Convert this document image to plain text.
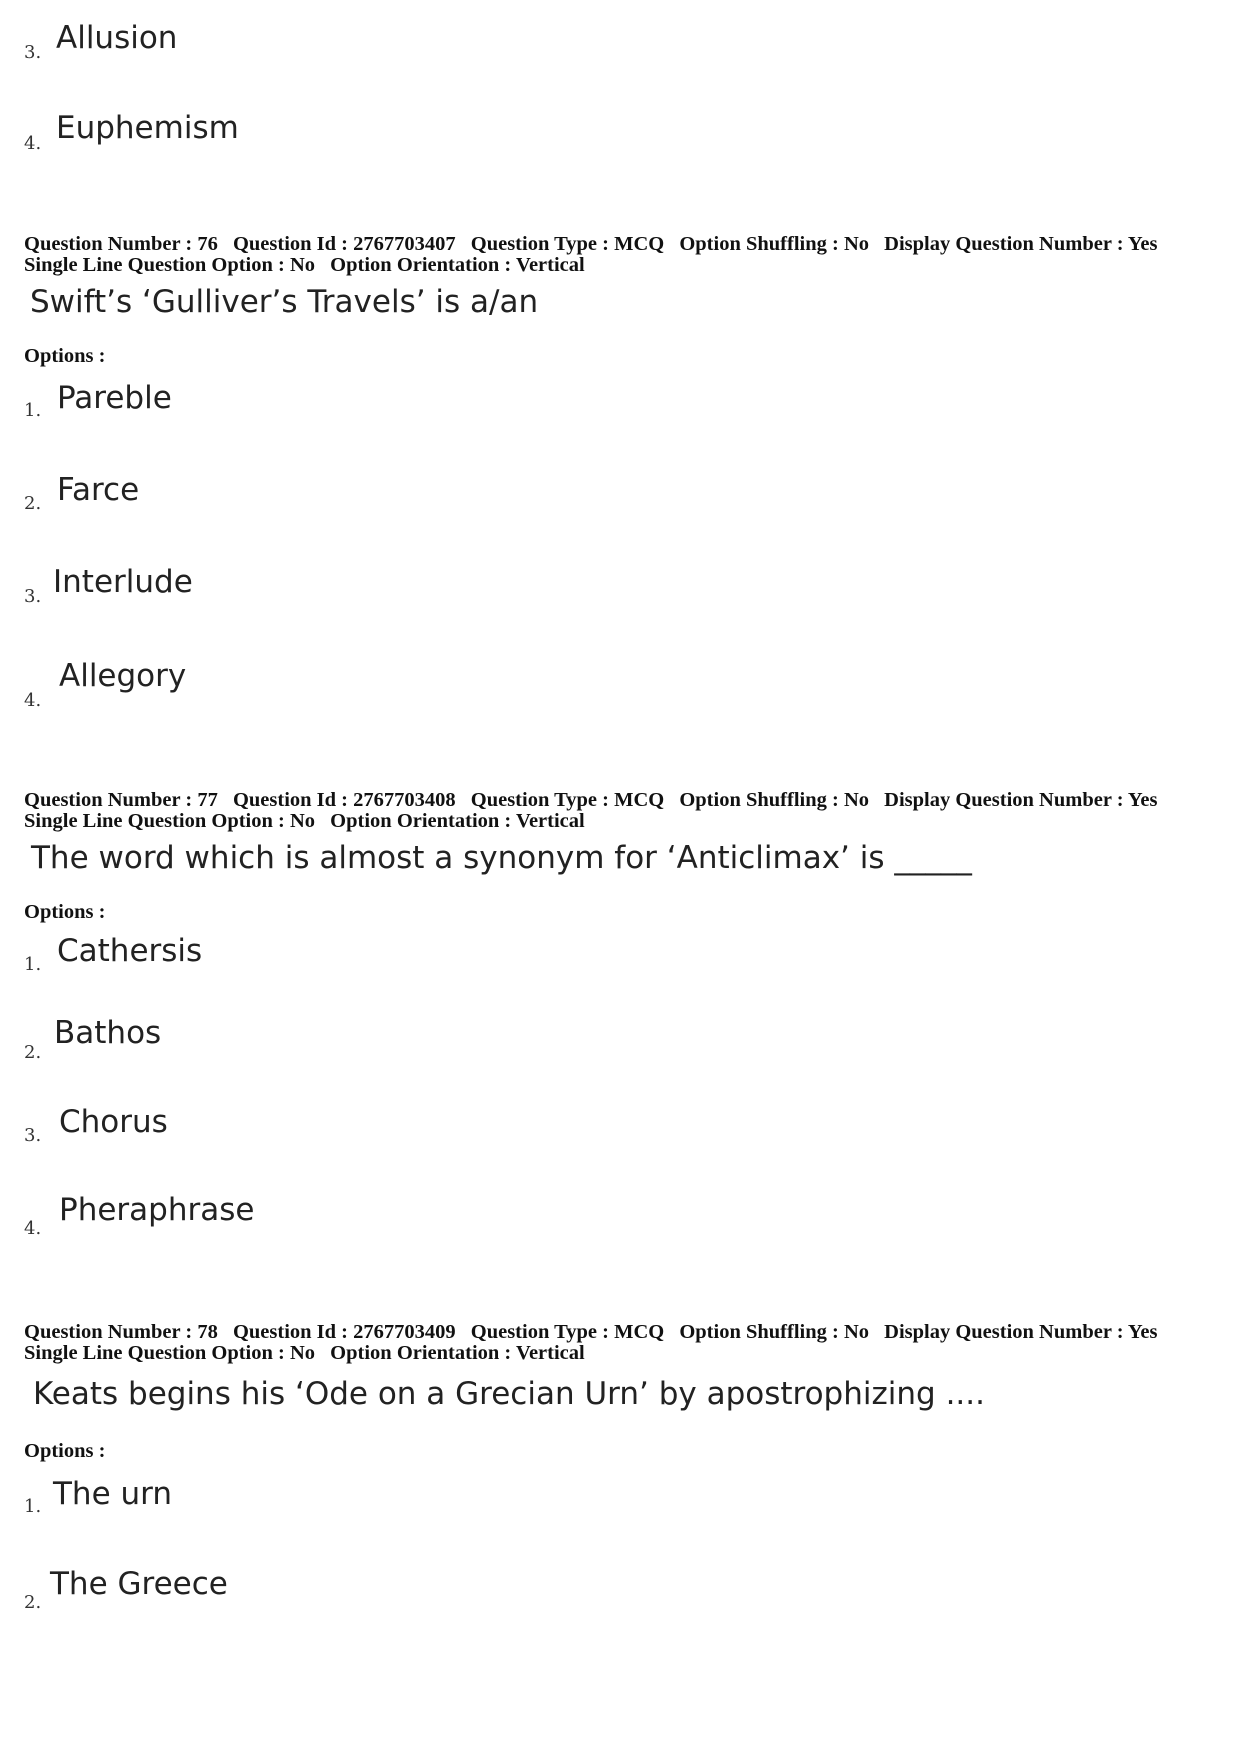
3. Allusion
4. Euphemism
Question Number : 76 Question Id : 2767703407 Question Type : MCQ Option Shuffling : No Display Question Number : Yes
Single Line Question Option : No Option Orientation : Vertical
Swift’s ‘Gulliver’s Travels’ is a/an
Options :
1. Pareble
2. Farce
3. Interlude
4.
Allegory
Question Number : 77 Question Id : 2767703408 Question Type : MCQ Option Shuffling : No Display Question Number : Yes
Single Line Question Option : No Option Orientation : Vertical
The word which is almost a synonym for ‘Anticlimax’ is _____
Options :
1. Cathersis
2.
Bathos
3. Chorus
4.
Pheraphrase
Question Number : 78 Question Id : 2767703409 Question Type : MCQ Option Shuffling : No Display Question Number : Yes
Single Line Question Option : No Option Orientation : Vertical
Keats begins his ‘Ode on a Grecian Urn’ by apostrophizing ....
Options :
1. The urn
2.
The Greece
